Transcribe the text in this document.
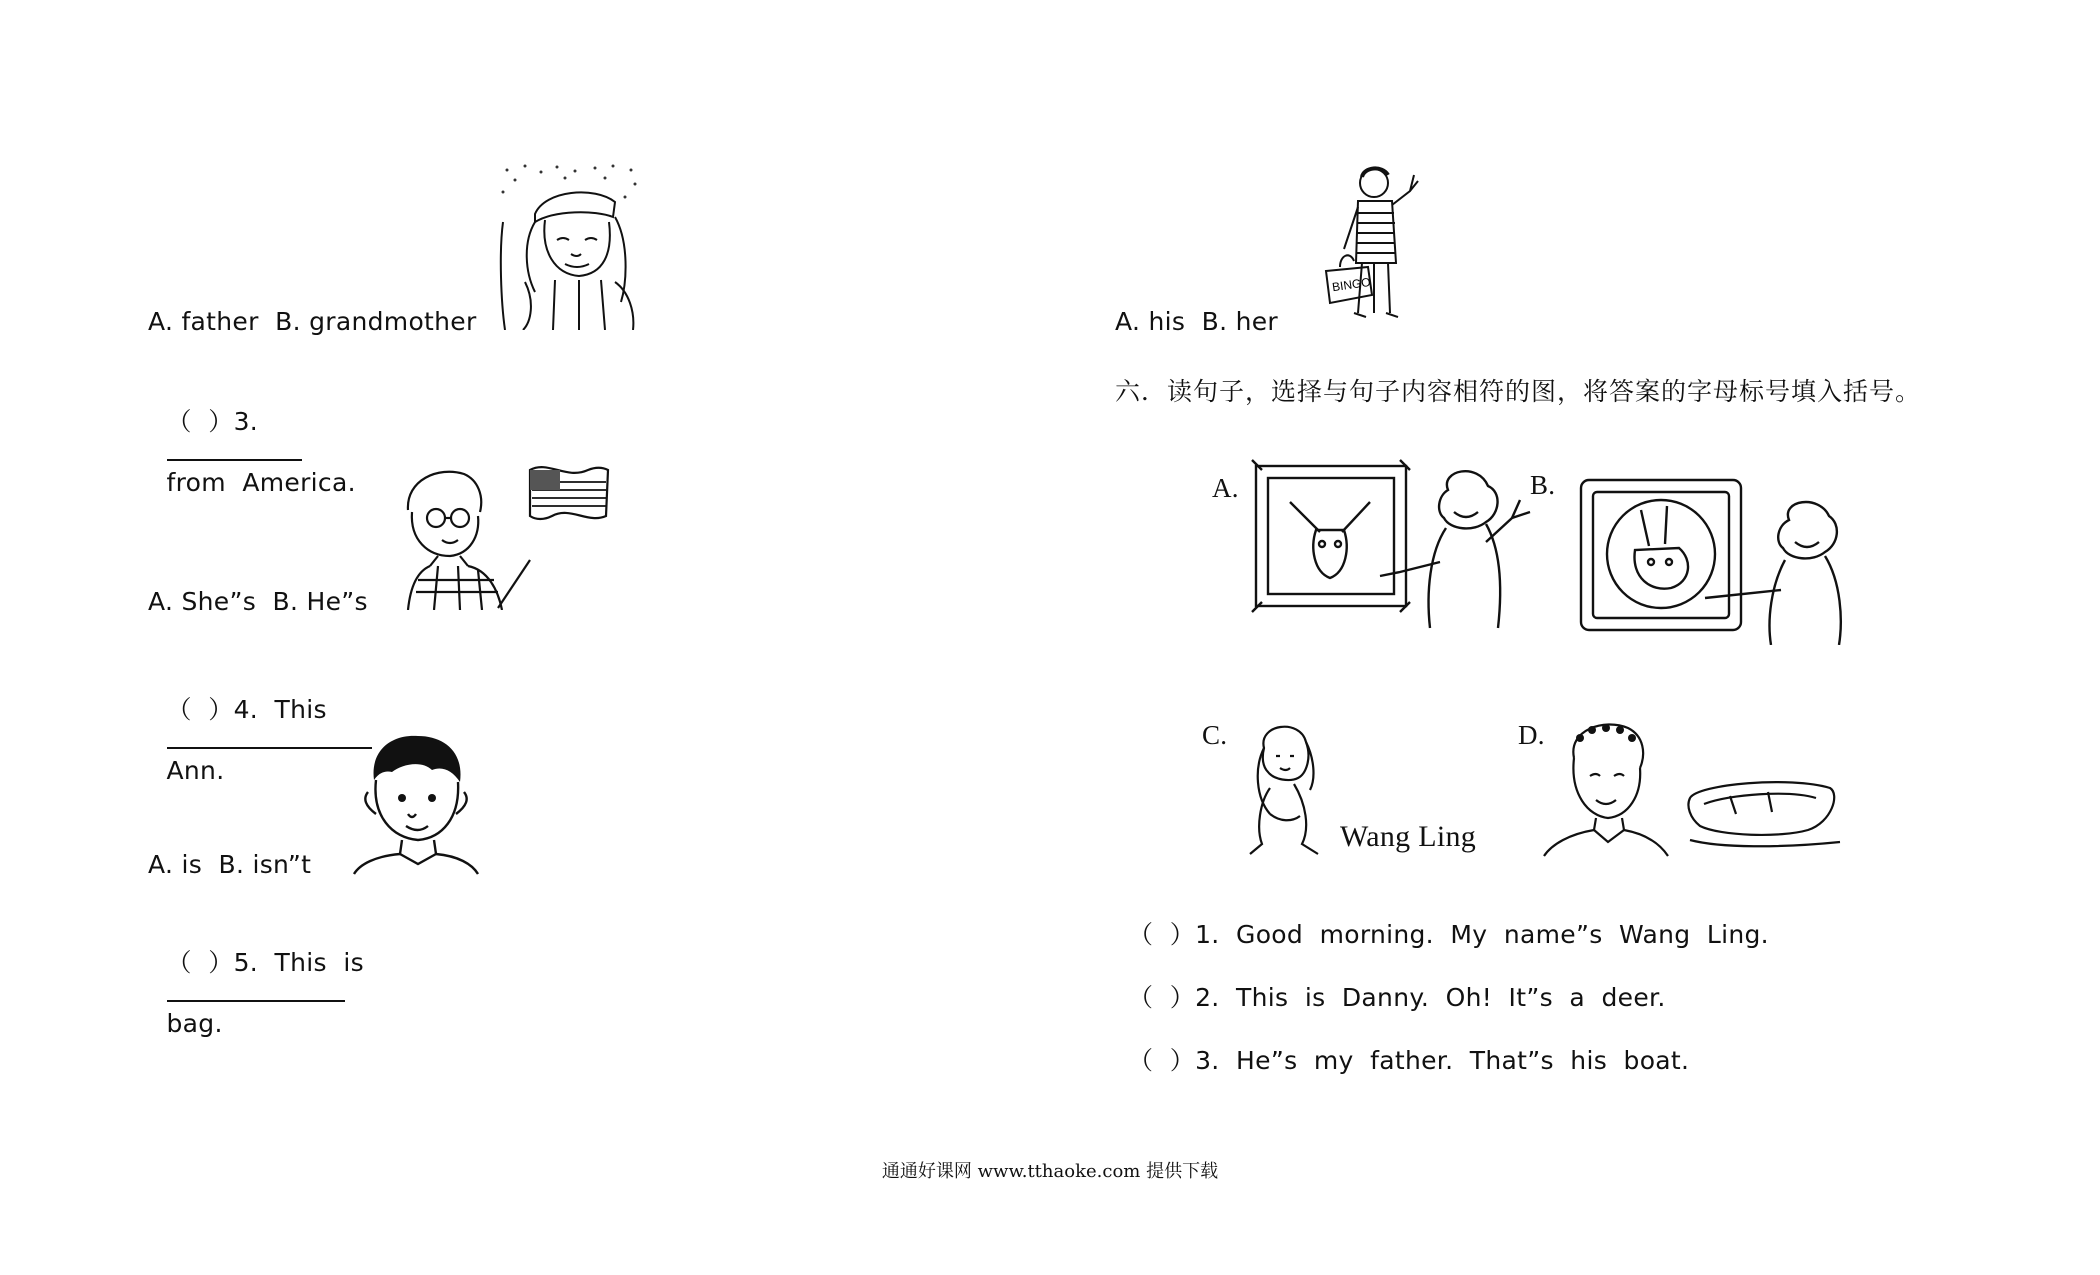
A. father  B. grandmother

（  ）3.

from  America.

A. She”s  B. He”s

（  ）4.  This

Ann.

A. is  B. isn”t

（  ）5.  This  is

bag.

BINGO
A. his  B. her
六．读句子，选择与句子内容相符的图，将答案的字母标号填入括号。
A.	B.
C.
Wang Ling
D.
（  ）1.  Good  morning.  My  name”s  Wang  Ling.
（  ）2.  This  is  Danny.  Oh!  It”s  a  deer.
（  ）3.  He”s  my  father.  That”s  his  boat.
通通好课网 www.tthaoke.com 提供下载
